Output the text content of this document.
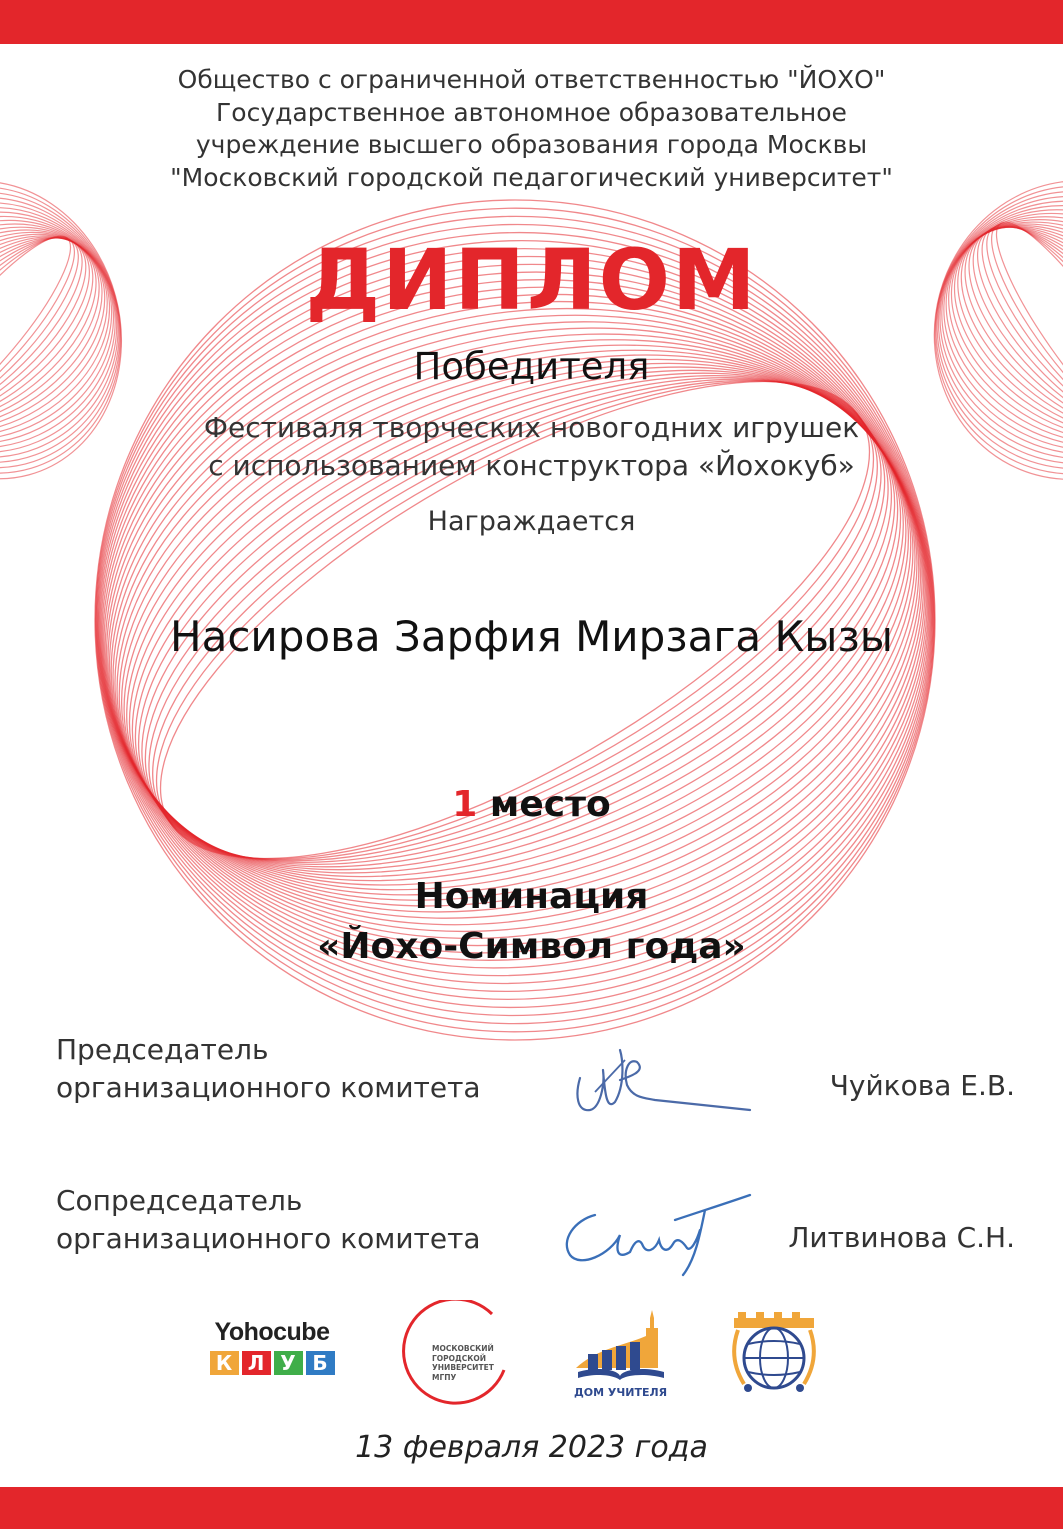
Общество с ограниченной ответственностью "ЙОХО"
Государственное автономное образовательное
учреждение высшего образования города Москвы
"Московский городской педагогический университет"
ДИПЛОМ
Победителя
Фестиваля творческих новогодних игрушек
с использованием конструктора «Йохокуб»
Награждается
Насирова Зарфия Мирзага Кызы
1 место
Номинация
«Йохо-Символ года»
Председатель
организационного комитета	Чуйкова Е.В.
Сопредседатель
организационного комитета	Литвинова С.Н.
Yohocube
К Л У Б
МОСКОВСКИЙ
ГОРОДСКОЙ
УНИВЕРСИТЕТ
МГПУ
ДОМ УЧИТЕЛЯ
13 февраля 2023 года
